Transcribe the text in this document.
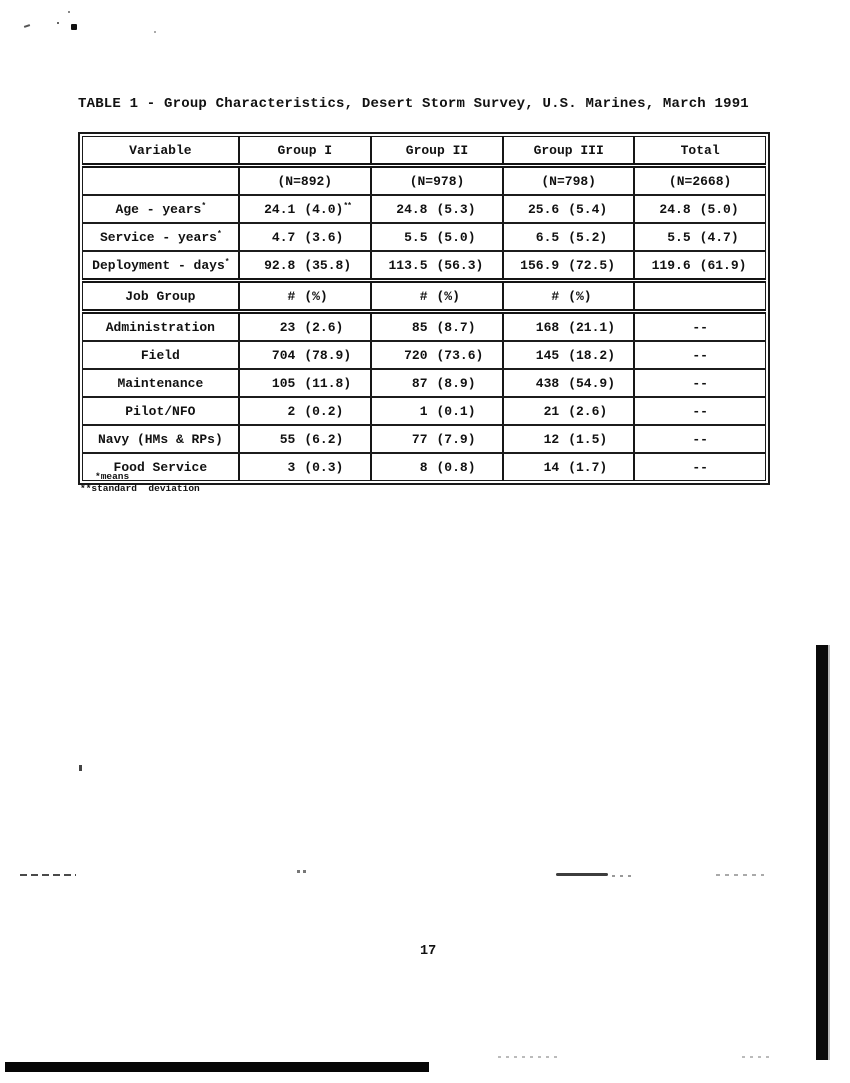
TABLE 1 - Group Characteristics, Desert Storm Survey, U.S. Marines, March 1991
Variable	Group I	Group II	Group III	Total
	(N=892)	(N=978)	(N=798)	(N=2668)
Age - years*	24.1 (4.0)**	24.8 (5.3)	25.6 (5.4)	24.8 (5.0)
Service - years*	4.7 (3.6)	5.5 (5.0)	6.5 (5.2)	5.5 (4.7)
Deployment - days*	92.8 (35.8)	113.5 (56.3)	156.9 (72.5)	119.6 (61.9)
Job Group	# (%)	# (%)	# (%)	
Administration	23 (2.6)	85 (8.7)	168 (21.1)	--
Field	704 (78.9)	720 (73.6)	145 (18.2)	--
Maintenance	105 (11.8)	87 (8.9)	438 (54.9)	--
Pilot/NFO	2 (0.2)	1 (0.1)	21 (2.6)	--
Navy (HMs & RPs)	55 (6.2)	77 (7.9)	12 (1.5)	--
Food Service	3 (0.3)	8 (0.8)	14 (1.7)	--
*means
**standard  deviation
17
